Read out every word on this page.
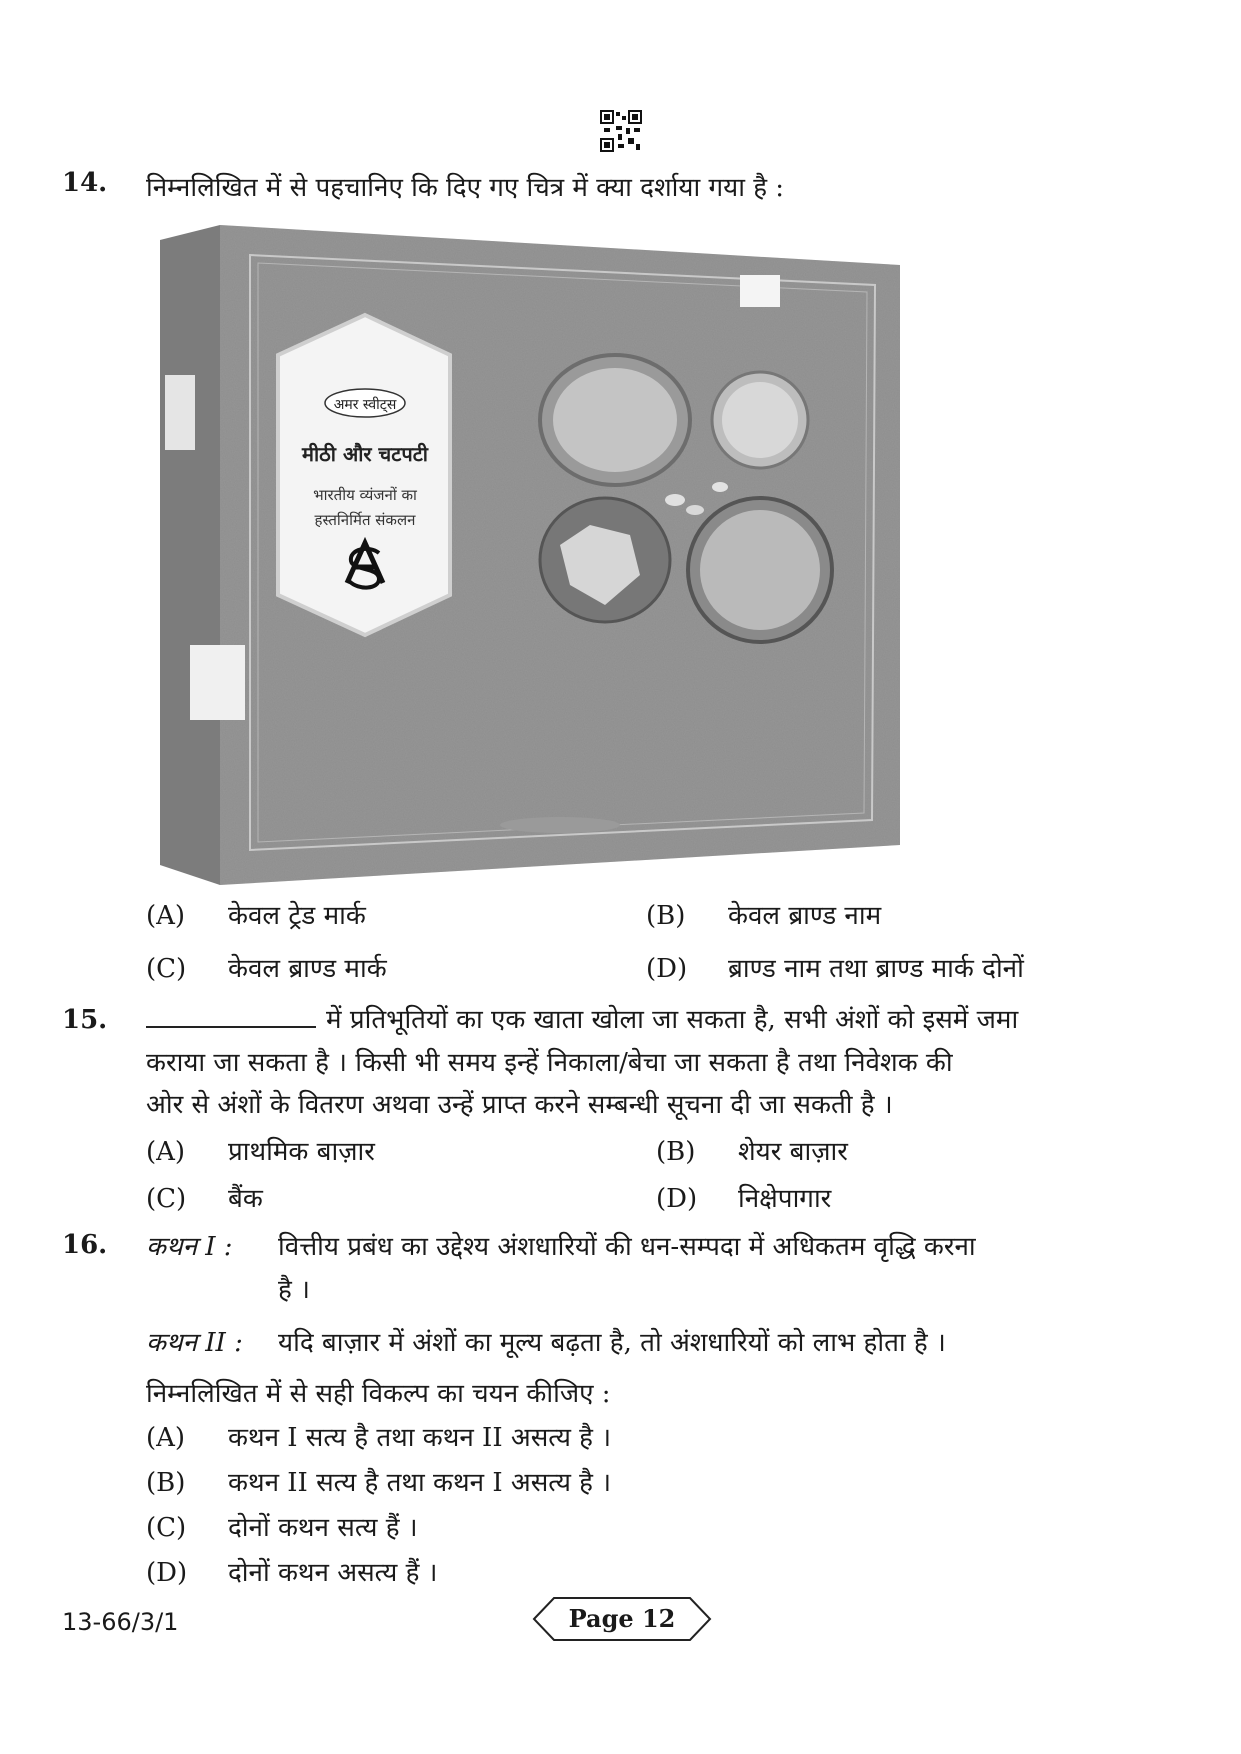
14. निम्नलिखित में से पहचानिए कि दिए गए चित्र में क्या दर्शाया गया है :
अमर स्वीट्स
मीठी और चटपटी
भारतीय व्यंजनों का
हस्तनिर्मित संकलन
(A) केवल ट्रेड मार्क	(B) केवल ब्राण्ड नाम
(C) केवल ब्राण्ड मार्क	(D) ब्राण्ड नाम तथा ब्राण्ड मार्क दोनों
15.	में प्रतिभूतियों का एक खाता खोला जा सकता है, सभी अंशों को इसमें जमा
कराया जा सकता है । किसी भी समय इन्हें निकाला/बेचा जा सकता है तथा निवेशक की
ओर से अंशों के वितरण अथवा उन्हें प्राप्त करने सम्बन्धी सूचना दी जा सकती है ।
(A) प्राथमिक बाज़ार	(B) शेयर बाज़ार
(C) बैंक	(D) निक्षेपागार
16. कथन I : वित्तीय प्रबंध का उद्देश्य अंशधारियों की धन-सम्पदा में अधिकतम वृद्धि करना
है ।
कथन II : यदि बाज़ार में अंशों का मूल्य बढ़ता है, तो अंशधारियों को लाभ होता है ।
निम्नलिखित में से सही विकल्प का चयन कीजिए :
(A) कथन I सत्य है तथा कथन II असत्य है ।
(B) कथन II सत्य है तथा कथन I असत्य है ।
(C) दोनों कथन सत्य हैं ।
(D) दोनों कथन असत्य हैं ।
13-66/3/1	Page 12
